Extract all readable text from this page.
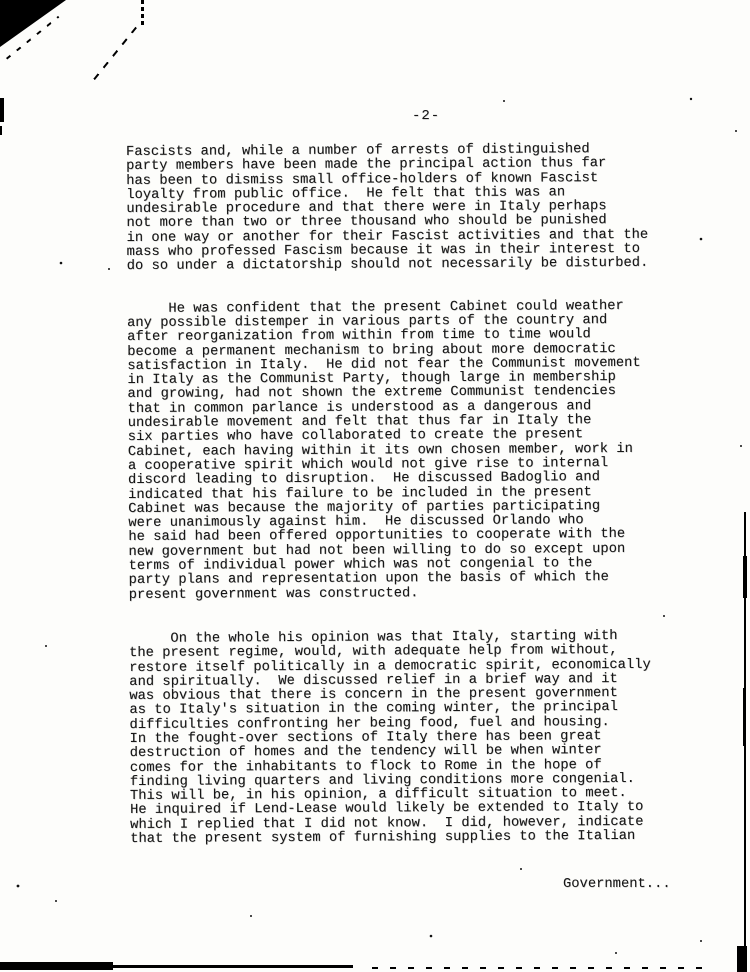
-2-
Fascists and, while a number of arrests of distinguished
party members have been made the principal action thus far
has been to dismiss small office-holders of known Fascist
loyalty from public office.  He felt that this was an
undesirable procedure and that there were in Italy perhaps
not more than two or three thousand who should be punished
in one way or another for their Fascist activities and that the
mass who professed Fascism because it was in their interest to
do so under a dictatorship should not necessarily be disturbed.
He was confident that the present Cabinet could weather
any possible distemper in various parts of the country and
after reorganization from within from time to time would
become a permanent mechanism to bring about more democratic
satisfaction in Italy.  He did not fear the Communist movement
in Italy as the Communist Party, though large in membership
and growing, had not shown the extreme Communist tendencies
that in common parlance is understood as a dangerous and
undesirable movement and felt that thus far in Italy the
six parties who have collaborated to create the present
Cabinet, each having within it its own chosen member, work in
a cooperative spirit which would not give rise to internal
discord leading to disruption.  He discussed Badoglio and
indicated that his failure to be included in the present
Cabinet was because the majority of parties participating
were unanimously against him.  He discussed Orlando who
he said had been offered opportunities to cooperate with the
new government but had not been willing to do so except upon
terms of individual power which was not congenial to the
party plans and representation upon the basis of which the
present government was constructed.
On the whole his opinion was that Italy, starting with
the present regime, would, with adequate help from without,
restore itself politically in a democratic spirit, economically
and spiritually.  We discussed relief in a brief way and it
was obvious that there is concern in the present government
as to Italy's situation in the coming winter, the principal
difficulties confronting her being food, fuel and housing.
In the fought-over sections of Italy there has been great
destruction of homes and the tendency will be when winter
comes for the inhabitants to flock to Rome in the hope of
finding living quarters and living conditions more congenial.
This will be, in his opinion, a difficult situation to meet.
He inquired if Lend-Lease would likely be extended to Italy to
which I replied that I did not know.  I did, however, indicate
that the present system of furnishing supplies to the Italian
Government...
